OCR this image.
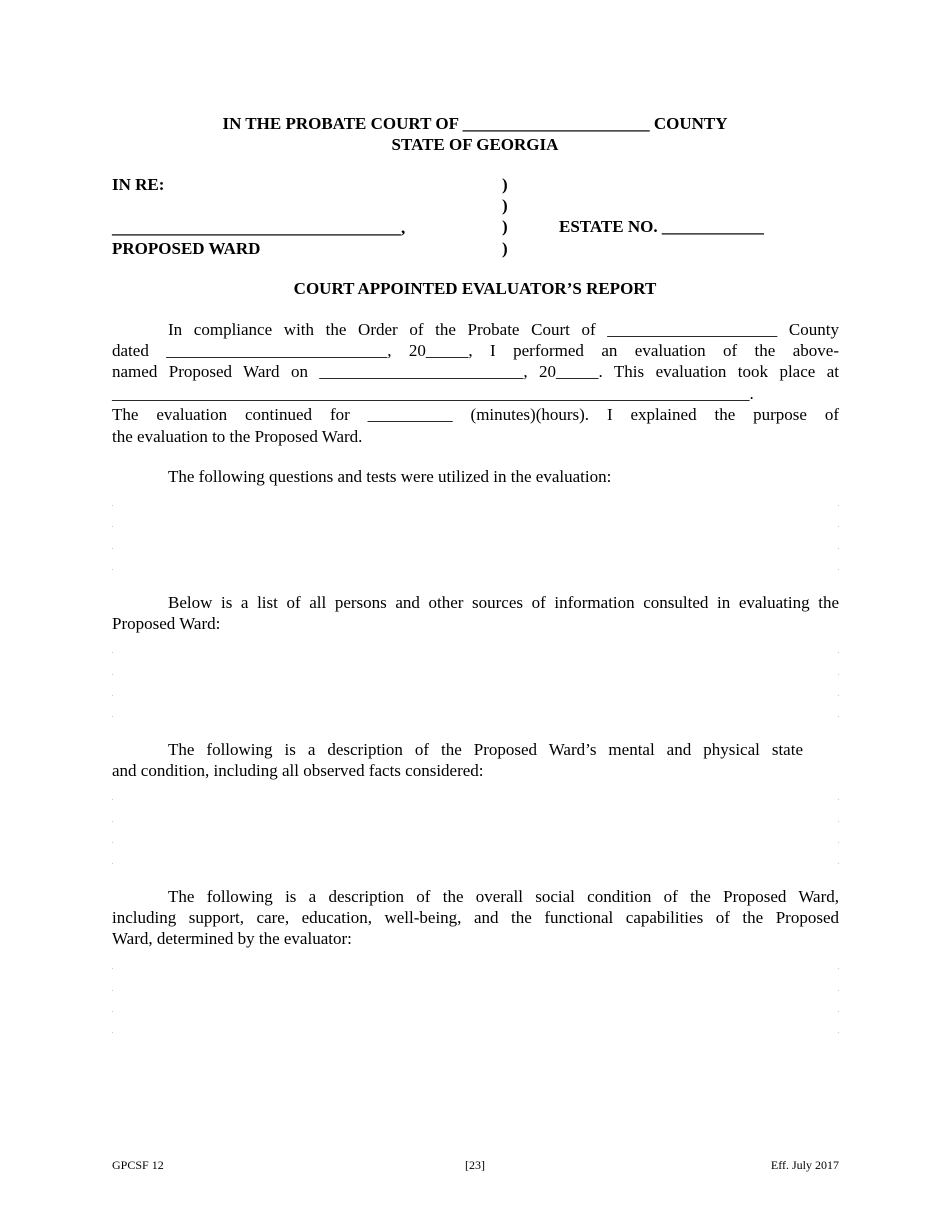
IN THE PROBATE COURT OF ______________________ COUNTY
STATE OF GEORGIA
IN RE:
__________________________________,
PROPOSED WARD
)
)
)
)
ESTATE NO. ____________
COURT APPOINTED EVALUATOR’S REPORT
In compliance with the Order of the Probate Court of ____________________ County
dated __________________________, 20_____, I performed an evaluation of the above-
named Proposed Ward on ________________________, 20_____. This evaluation took place at
___________________________________________________________________________.
The evaluation continued for __________ (minutes)(hours). I explained the purpose of
the evaluation to the Proposed Ward.
The following questions and tests were utilized in the evaluation:
Below is a list of all persons and other sources of information consulted in evaluating the
Proposed Ward:
The following is a description of the Proposed Ward’s mental and physical state
and condition, including all observed facts considered:
The following is a description of the overall social condition of the Proposed Ward,
including support, care, education, well-being, and the functional capabilities of the Proposed
Ward, determined by the evaluator:
GPCSF 12	[23]	Eff. July 2017
